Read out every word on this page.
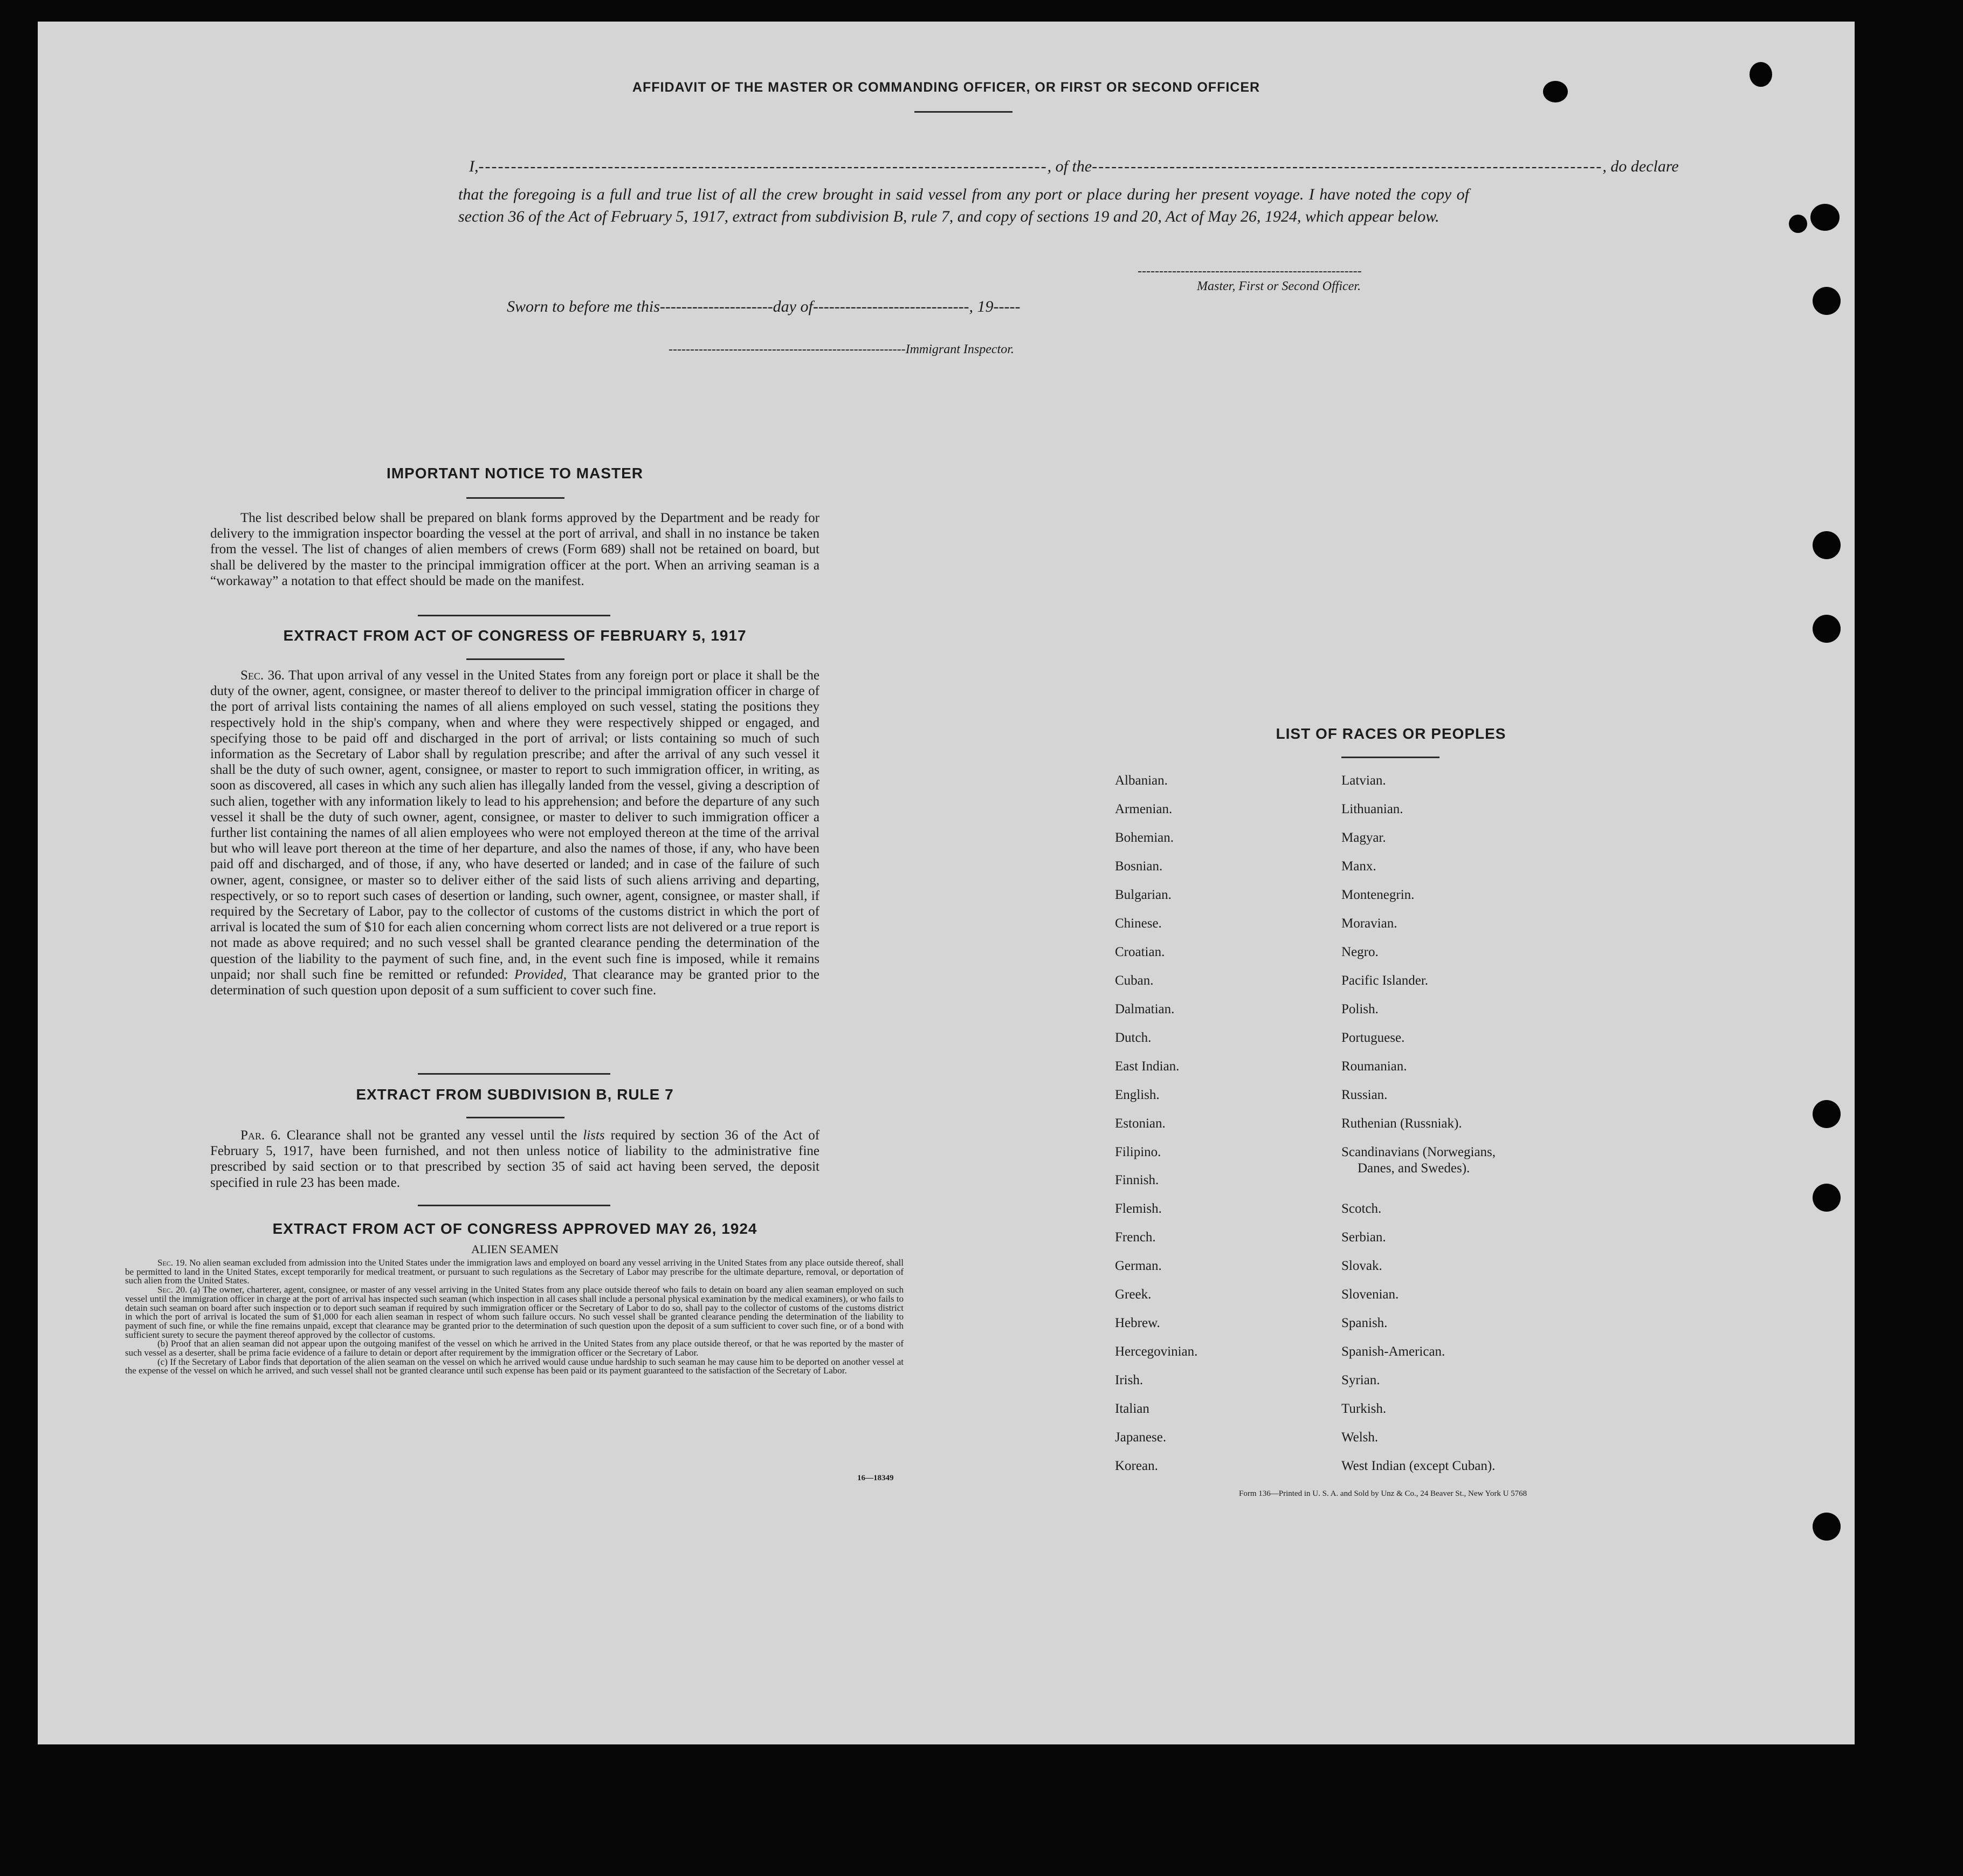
AFFIDAVIT OF THE MASTER OR COMMANDING OFFICER, OR FIRST OR SECOND OFFICER
I,----------------------------------------------------------------------------------------, of the-------------------------------------------------------------------------------, do declare
that the foregoing is a full and true list of all the crew brought in said vessel from any port or place during her present voyage. I have noted the copy of section 36 of the Act of February 5, 1917, extract from subdivision B, rule 7, and copy of sections 19 and 20, Act of May 26, 1924, which appear below.
----------------------------------------------------
Master, First or Second Officer.
Sworn to before me this---------------------day of-----------------------------, 19-----
-------------------------------------------------------Immigrant Inspector.
IMPORTANT NOTICE TO MASTER
The list described below shall be prepared on blank forms approved by the Department and be ready for delivery to the immigration inspector boarding the vessel at the port of arrival, and shall in no instance be taken from the vessel. The list of changes of alien members of crews (Form 689) shall not be retained on board, but shall be delivered by the master to the principal immigration officer at the port. When an arriving seaman is a “workaway” a notation to that effect should be made on the manifest.
EXTRACT FROM ACT OF CONGRESS OF FEBRUARY 5, 1917
Sec. 36. That upon arrival of any vessel in the United States from any foreign port or place it shall be the duty of the owner, agent, consignee, or master thereof to deliver to the principal immigration officer in charge of the port of arrival lists containing the names of all aliens employed on such vessel, stating the positions they respectively hold in the ship's company, when and where they were respectively shipped or engaged, and specifying those to be paid off and discharged in the port of arrival; or lists containing so much of such information as the Secretary of Labor shall by regulation prescribe; and after the arrival of any such vessel it shall be the duty of such owner, agent, consignee, or master to report to such immigration officer, in writing, as soon as discovered, all cases in which any such alien has illegally landed from the vessel, giving a description of such alien, together with any information likely to lead to his apprehension; and before the departure of any such vessel it shall be the duty of such owner, agent, consignee, or master to deliver to such immigration officer a further list containing the names of all alien employees who were not employed thereon at the time of the arrival but who will leave port thereon at the time of her departure, and also the names of those, if any, who have been paid off and discharged, and of those, if any, who have deserted or landed; and in case of the failure of such owner, agent, consignee, or master so to deliver either of the said lists of such aliens arriving and departing, respectively, or so to report such cases of desertion or landing, such owner, agent, consignee, or master shall, if required by the Secretary of Labor, pay to the collector of customs of the customs district in which the port of arrival is located the sum of $10 for each alien concerning whom correct lists are not delivered or a true report is not made as above required; and no such vessel shall be granted clearance pending the determination of the question of the liability to the payment of such fine, and, in the event such fine is imposed, while it remains unpaid; nor shall such fine be remitted or refunded: Provided, That clearance may be granted prior to the determination of such question upon deposit of a sum sufficient to cover such fine.
EXTRACT FROM SUBDIVISION B, RULE 7
Par. 6. Clearance shall not be granted any vessel until the lists required by section 36 of the Act of February 5, 1917, have been furnished, and not then unless notice of liability to the administrative fine prescribed by said section or to that prescribed by section 35 of said act having been served, the deposit specified in rule 23 has been made.
EXTRACT FROM ACT OF CONGRESS APPROVED MAY 26, 1924
ALIEN SEAMEN
Sec. 19. No alien seaman excluded from admission into the United States under the immigration laws and employed on board any vessel arriving in the United States from any place outside thereof, shall be permitted to land in the United States, except temporarily for medical treatment, or pursuant to such regulations as the Secretary of Labor may prescribe for the ultimate departure, removal, or deportation of such alien from the United States.
Sec. 20. (a) The owner, charterer, agent, consignee, or master of any vessel arriving in the United States from any place outside thereof who fails to detain on board any alien seaman employed on such vessel until the immigration officer in charge at the port of arrival has inspected such seaman (which inspection in all cases shall include a personal physical examination by the medical examiners), or who fails to detain such seaman on board after such inspection or to deport such seaman if required by such immigration officer or the Secretary of Labor to do so, shall pay to the collector of customs of the customs district in which the port of arrival is located the sum of $1,000 for each alien seaman in respect of whom such failure occurs. No such vessel shall be granted clearance pending the determination of the liability to payment of such fine, or while the fine remains unpaid, except that clearance may be granted prior to the determination of such question upon the deposit of a sum sufficient to cover such fine, or of a bond with sufficient surety to secure the payment thereof approved by the collector of customs.
(b) Proof that an alien seaman did not appear upon the outgoing manifest of the vessel on which he arrived in the United States from any place outside thereof, or that he was reported by the master of such vessel as a deserter, shall be prima facie evidence of a failure to detain or deport after requirement by the immigration officer or the Secretary of Labor.
(c) If the Secretary of Labor finds that deportation of the alien seaman on the vessel on which he arrived would cause undue hardship to such seaman he may cause him to be deported on another vessel at the expense of the vessel on which he arrived, and such vessel shall not be granted clearance until such expense has been paid or its payment guaranteed to the satisfaction of the Secretary of Labor.
16—18349
LIST OF RACES OR PEOPLES
Albanian.
Armenian.
Bohemian.
Bosnian.
Bulgarian.
Chinese.
Croatian.
Cuban.
Dalmatian.
Dutch.
East Indian.
English.
Estonian.
Filipino.
Finnish.
Flemish.
French.
German.
Greek.
Hebrew.
Hercegovinian.
Irish.
Italian
Japanese.
Korean.
Latvian.
Lithuanian.
Magyar.
Manx.
Montenegrin.
Moravian.
Negro.
Pacific Islander.
Polish.
Portuguese.
Roumanian.
Russian.
Ruthenian (Russniak).
Scandinavians (Norwegians,
Danes, and Swedes).
Scotch.
Serbian.
Slovak.
Slovenian.
Spanish.
Spanish-American.
Syrian.
Turkish.
Welsh.
West Indian (except Cuban).
Form 136—Printed in U. S. A. and Sold by Unz & Co., 24 Beaver St., New York U 5768
